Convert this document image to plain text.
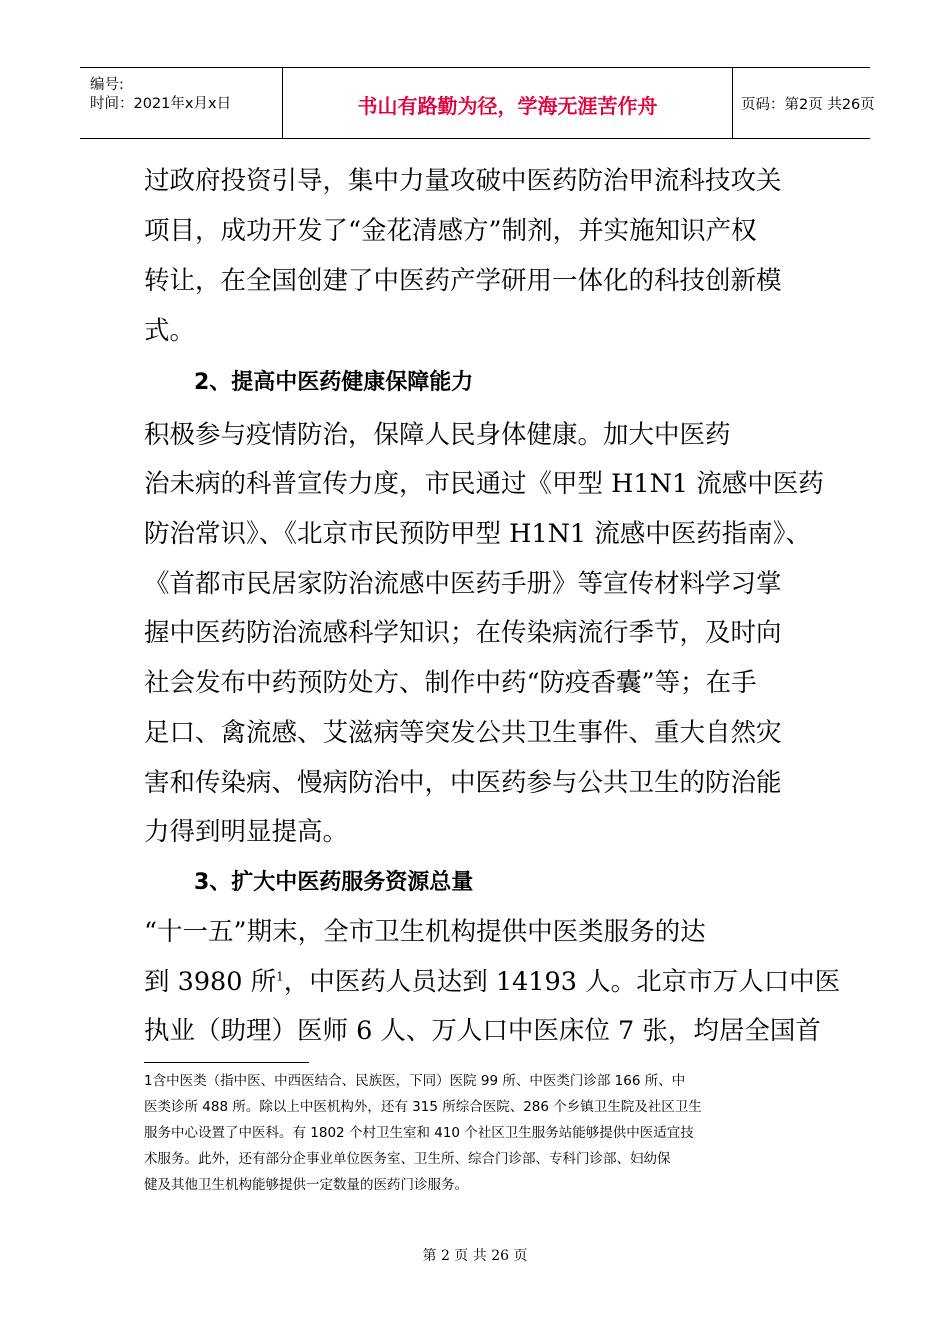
编号:
时间：2021年x月x日	书山有路勤为径，学海无涯苦作舟	页码：第2页 共26页
过政府投资引导，集中力量攻破中医药防治甲流科技攻关
项目，成功开发了“金花清感方”制剂，并实施知识产权
转让，在全国创建了中医药产学研用一体化的科技创新模
式。
2、提高中医药健康保障能力
积极参与疫情防治，保障人民身体健康。加大中医药
治未病的科普宣传力度，市民通过《甲型 H1N1 流感中医药
防治常识》、《北京市民预防甲型 H1N1 流感中医药指南》、
《首都市民居家防治流感中医药手册》等宣传材料学习掌
握中医药防治流感科学知识；在传染病流行季节，及时向
社会发布中药预防处方、制作中药“防疫香囊”等；在手
足口、禽流感、艾滋病等突发公共卫生事件、重大自然灾
害和传染病、慢病防治中，中医药参与公共卫生的防治能
力得到明显提高。
3、扩大中医药服务资源总量
“十一五”期末，全市卫生机构提供中医类服务的达
到 3980 所$^1$，中医药人员达到 14193 人。北京市万人口中医
执业（助理）医师 6 人、万人口中医床位 7 张，均居全国首
1含中医类（指中医、中西医结合、民族医，下同）医院 99 所、中医类门诊部 166 所、中
医类诊所 488 所。除以上中医机构外，还有 315 所综合医院、286 个乡镇卫生院及社区卫生
服务中心设置了中医科。有 1802 个村卫生室和 410 个社区卫生服务站能够提供中医适宜技
术服务。此外，还有部分企事业单位医务室、卫生所、综合门诊部、专科门诊部、妇幼保
健及其他卫生机构能够提供一定数量的医药门诊服务。
第 2 页 共 26 页
